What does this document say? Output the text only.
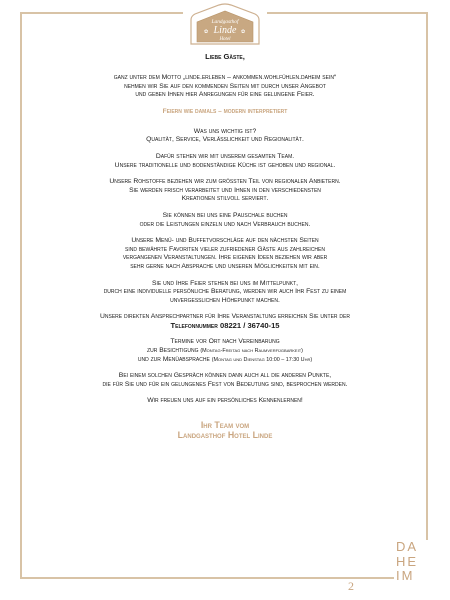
Landgasthof
Linde
Hotel
✿	✿

Liebe Gäste,

ganz unter dem Motto „linde.erleben – ankommen.wohlfühlen.daheim sein“

nehmen wir Sie auf den kommenden Seiten mit durch unser Angebot

und geben Ihnen hier Anregungen für eine gelungene Feier.

Feiern wie damals – modern interpretiert

Was uns wichtig ist?

Qualität, Service, Verlässlichkeit und Regionalität.

Dafür stehen wir mit unserem gesamten Team.

Unsere traditionelle und bodenständige Küche ist gehoben und regional.

Unsere Rohstoffe beziehen wir zum größten Teil von regionalen Anbietern.

Sie werden frisch verarbeitet und Ihnen in den verschiedensten

Kreationen stilvoll serviert.

Sie können bei uns eine Pauschale buchen

oder die Leistungen einzeln und nach Verbrauch buchen.

Unsere Menü- und Buffetvorschläge auf den nächsten Seiten

sind bewährte Favoriten vieler zufriedener Gäste aus zahlreichen

vergangenen Veranstaltungen. Ihre eigenen Ideen beziehen wir aber

sehr gerne nach Absprache und unseren Möglichkeiten mit ein.

Sie und Ihre Feier stehen bei uns im Mittelpunkt,

durch eine individuelle persönliche Beratung, werden wir auch Ihr Fest zu einem

unvergesslichen Höhepunkt machen.

Unsere direkten Ansprechpartner für Ihre Veranstaltung erreichen Sie unter der

Telefonnummer 08221 / 36740-15

Termine vor Ort nach Vereinbarung

zur Besichtigung (Montag-Freitag nach Raumverfügbarkeit)

und zur Menüabsprache (Montag und Dienstag 10:00 – 17:30 Uhr)

Bei einem solchen Gespräch können dann auch all die anderen Punkte,

die für Sie und für ein gelungenes Fest von Bedeutung sind, besprochen werden.

Wir freuen uns auf ein persönliches Kennenlernen!

Ihr Team vom

Landgasthof Hotel Linde

DA
HE
IM
2
